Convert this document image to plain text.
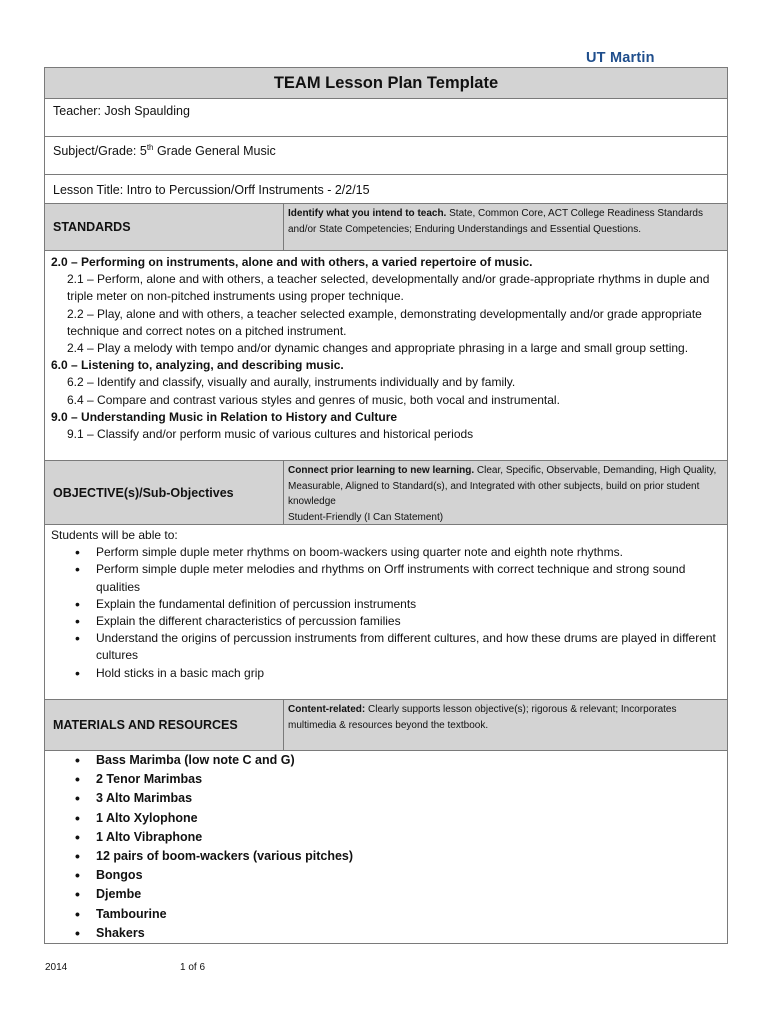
UT Martin
TEAM Lesson Plan Template
Teacher: Josh Spaulding
Subject/Grade: 5th Grade General Music
Lesson Title: Intro to Percussion/Orff Instruments - 2/2/15
STANDARDS
Identify what you intend to teach. State, Common Core, ACT College Readiness Standards and/or State Competencies; Enduring Understandings and Essential Questions.
2.0 – Performing on instruments, alone and with others, a varied repertoire of music.
2.1 – Perform, alone and with others, a teacher selected, developmentally and/or grade-appropriate rhythms in duple and triple meter on non-pitched instruments using proper technique.
2.2 – Play, alone and with others, a teacher selected example, demonstrating developmentally and/or grade appropriate technique and correct notes on a pitched instrument.
2.4 – Play a melody with tempo and/or dynamic changes and appropriate phrasing in a large and small group setting.
6.0 – Listening to, analyzing, and describing music.
6.2 – Identify and classify, visually and aurally, instruments individually and by family.
6.4 – Compare and contrast various styles and genres of music, both vocal and instrumental.
9.0 – Understanding Music in Relation to History and Culture
9.1 – Classify and/or perform music of various cultures and historical periods
OBJECTIVE(s)/Sub-Objectives
Connect prior learning to new learning. Clear, Specific, Observable, Demanding, High Quality, Measurable, Aligned to Standard(s), and Integrated with other subjects, build on prior student knowledge
Student-Friendly (I Can Statement)
Students will be able to:
• Perform simple duple meter rhythms on boom-wackers using quarter note and eighth note rhythms.
• Perform simple duple meter melodies and rhythms on Orff instruments with correct technique and strong sound qualities
• Explain the fundamental definition of percussion instruments
• Explain the different characteristics of percussion families
• Understand the origins of percussion instruments from different cultures, and how these drums are played in different cultures
• Hold sticks in a basic mach grip
MATERIALS AND RESOURCES
Content-related: Clearly supports lesson objective(s); rigorous & relevant; Incorporates multimedia & resources beyond the textbook.
• Bass Marimba (low note C and G)
• 2 Tenor Marimbas
• 3 Alto Marimbas
• 1 Alto Xylophone
• 1 Alto Vibraphone
• 12 pairs of boom-wackers (various pitches)
• Bongos
• Djembe
• Tambourine
• Shakers
2014	1 of 6
